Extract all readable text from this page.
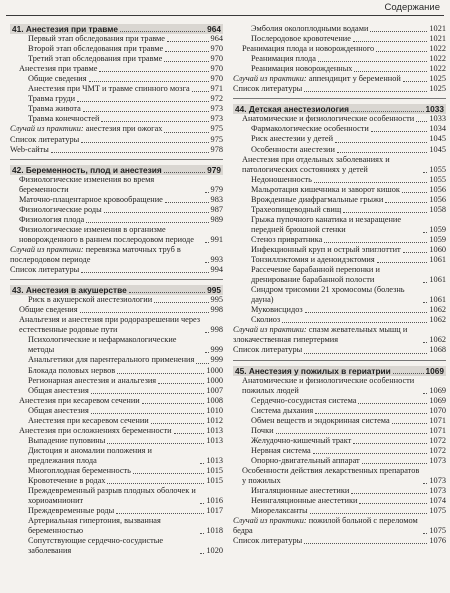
Содержание
41. Анестезия при травме	964
Первый этап обследования при травме	964
Второй этап обследования при травме	970
Третий этап обследования при травме	970
Анестезия при травме	970
Общие сведения	970
Анестезия при ЧМТ и травме спинного мозга	971
Травма груди	972
Травма живота	973
Травма конечностей	973
Случай из практики: анестезия при ожогах	975
Список литературы	975
Web-сайты	978
42. Беременность, плод и анестезия	979
Физиологические изменения во время беременности	979
Маточно-плацентарное кровообращение	983
Физиологические роды	987
Физиология плода	989
Физиологические изменения в организме новорожденного в раннем послеродовом периоде	991
Случай из практики: перевязка маточных труб в послеродовом периоде	993
Список литературы	994
43. Анестезия в акушерстве	995
Риск в акушерской анестезиологии	995
Общие сведения	998
Анальгезия и анестезия при родоразрешении через естественные родовые пути	998
Психологические и нефармакологические методы	999
Анальгетики для парентерального применения 999
Блокада половых нервов	1000
Регионарная анестезия и анальгезия	1000
Общая анестезия	1007
Анестезия при кесаревом сечении	1008
Общая анестезия	1010
Анестезия при кесаревом сечении	1012
Анестезия при осложнениях беременности	1013
Выпадение пуповины	1013
Дистоция и аномалии положения и предлежания плода	1013
Многоплодная беременность	1015
Кровотечение в родах	1015
Преждевременный разрыв плодных оболочек и хориоамнионит	1016
Преждевременные роды	1017
Артериальная гипертония, вызванная беременностью	1018
Сопутствующие сердечно-сосудистые заболевания	1020
Эмболия околоплодными водами	1021
Послеродовое кровотечение	1021
Реанимация плода и новорожденного	1022
Реанимация плода	1022
Реанимация новорожденных	1022
Случай из практики: аппендицит у беременной	1025
Список литературы	1025
44. Детская анестезиология	1033
Анатомические и физиологические особенности 1033
Фармакологические особенности	1034
Риск анестезии у детей	1045
Особенности анестезии	1045
Анестезия при отдельных заболеваниях и патологических состояниях у детей	1055
Недоношенность	1055
Мальротация кишечника и заворот кишок	1056
Врожденные диафрагмальные грыжи	1056
Трахеопищеводный свищ	1058
Грыжа пупочного канатика и незаращение передней брюшной стенки	1059
Стеноз привратника	1059
Инфекционный круп и острый эпиглоттит	1060
Тонзиллэктомия и аденоидэктомия	1061
Рассечение барабанной перепонки и дренирование барабанной полости	1061
Синдром трисомии 21 хромосомы (болезнь дауна)	1061
Муковисцидоз	1062
Сколиоз	1062
Случай из практики: спазм жевательных мышц и злокачественная гипертермия	1062
Список литературы	1068
45. Анестезия у пожилых в гериатрии	1069
Анатомические и физиологические особенности пожилых людей	1069
Сердечно-сосудистая система	1069
Система дыхания	1070
Обмен веществ и эндокринная система	1071
Почки	1071
Желудочно-кишечный тракт	1072
Нервная система	1072
Опорно-двигательный аппарат	1073
Особенности действия лекарственных препаратов у пожилых	1073
Ингаляционные анестетики	1073
Неингаляционные анестетики	1074
Миорелаксанты	1075
Случай из практики: пожилой больной с переломом бедра	1075
Список литературы	1076
